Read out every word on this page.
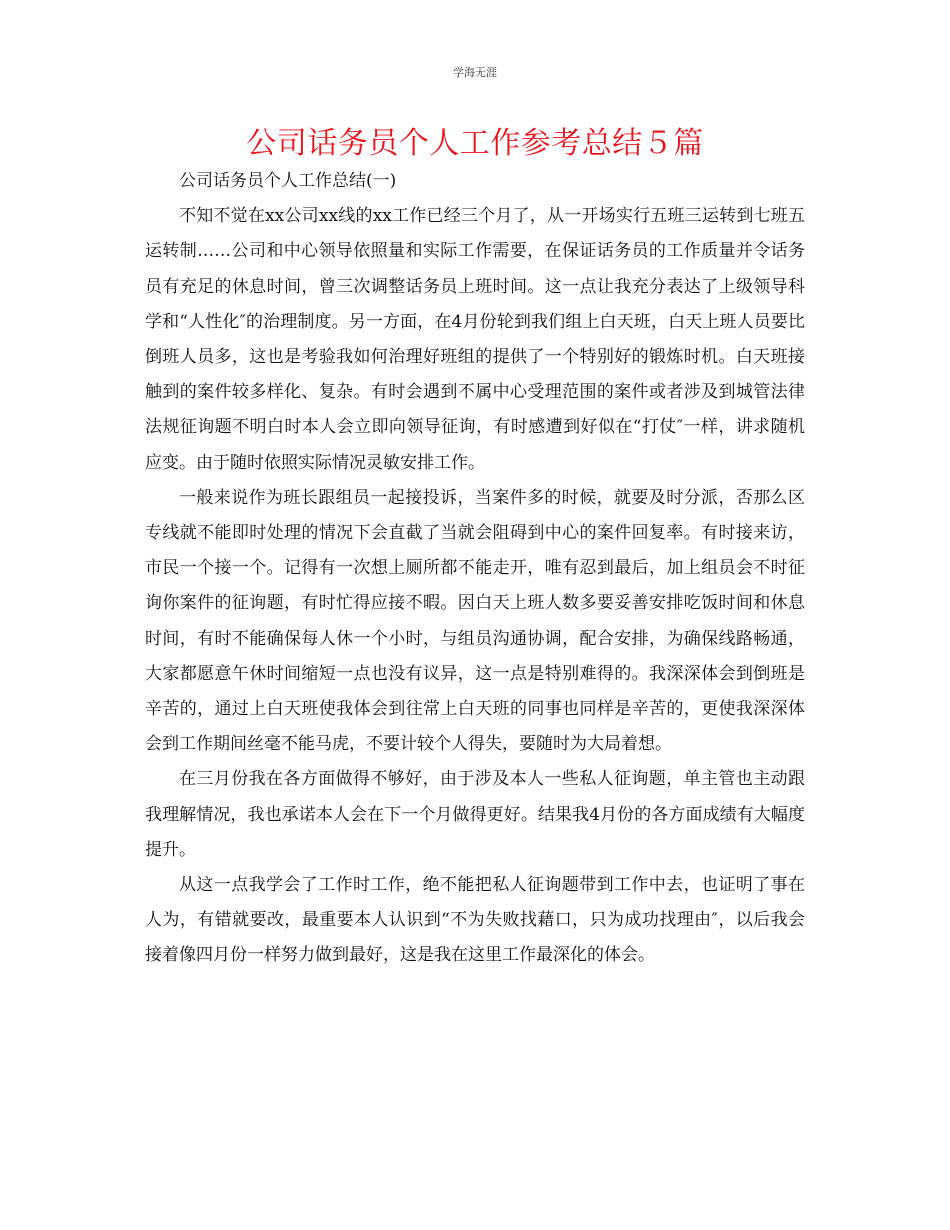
学海无涯
公司话务员个人工作参考总结５篇

公司话务员个人工作总结(一)

不知不觉在xx公司xx线的xx工作已经三个月了，从一开场实行五班三运转到七班五运转制……公司和中心领导依照量和实际工作需要，在保证话务员的工作质量并令话务员有充足的休息时间，曾三次调整话务员上班时间。这一点让我充分表达了上级领导科学和“人性化″的治理制度。另一方面，在4月份轮到我们组上白天班，白天上班人员要比倒班人员多，这也是考验我如何治理好班组的提供了一个特别好的锻炼时机。白天班接触到的案件较多样化、复杂。有时会遇到不属中心受理范围的案件或者涉及到城管法律法规征询题不明白时本人会立即向领导征询，有时感遭到好似在“打仗″一样，讲求随机应变。由于随时依照实际情况灵敏安排工作。

一般来说作为班长跟组员一起接投诉，当案件多的时候，就要及时分派，否那么区专线就不能即时处理的情况下会直截了当就会阻碍到中心的案件回复率。有时接来访，市民一个接一个。记得有一次想上厕所都不能走开，唯有忍到最后，加上组员会不时征询你案件的征询题，有时忙得应接不暇。因白天上班人数多要妥善安排吃饭时间和休息时间，有时不能确保每人休一个小时，与组员沟通协调，配合安排，为确保线路畅通，大家都愿意午休时间缩短一点也没有议异，这一点是特别难得的。我深深体会到倒班是辛苦的，通过上白天班使我体会到往常上白天班的同事也同样是辛苦的，更使我深深体会到工作期间丝毫不能马虎，不要计较个人得失，要随时为大局着想。

在三月份我在各方面做得不够好，由于涉及本人一些私人征询题，单主管也主动跟我理解情况，我也承诺本人会在下一个月做得更好。结果我4月份的各方面成绩有大幅度提升。

从这一点我学会了工作时工作，绝不能把私人征询题带到工作中去，也证明了事在人为，有错就要改，最重要本人认识到“不为失败找藉口，只为成功找理由″，以后我会接着像四月份一样努力做到最好，这是我在这里工作最深化的体会。
